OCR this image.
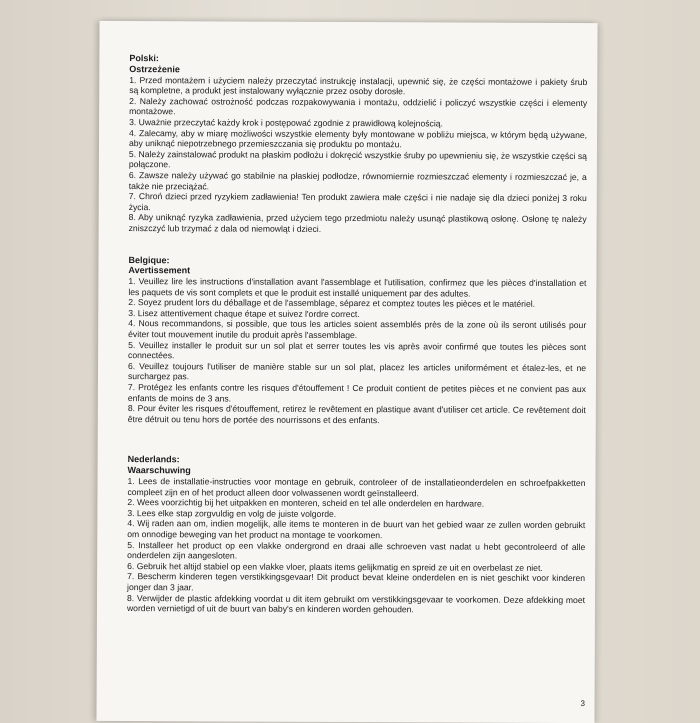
Polski:
Ostrzeżenie
1. Przed montażem i użyciem należy przeczytać instrukcję instalacji, upewnić się, że części montażowe i pakiety śrub są kompletne, a produkt jest instalowany wyłącznie przez osoby dorosłe.
2. Należy zachować ostrożność podczas rozpakowywania i montażu, oddzielić i policzyć wszystkie części i elementy montażowe.
3. Uważnie przeczytać każdy krok i postępować zgodnie z prawidłową kolejnością.
4. Zalecamy, aby w miarę możliwości wszystkie elementy były montowane w pobliżu miejsca, w którym będą używane, aby uniknąć niepotrzebnego przemieszczania się produktu po montażu.
5. Należy zainstalować produkt na płaskim podłożu i dokręcić wszystkie śruby po upewnieniu się, że wszystkie części są połączone.
6. Zawsze należy używać go stabilnie na płaskiej podłodze, równomiernie rozmieszczać elementy i rozmieszczać je, a także nie przeciążać.
7. Chroń dzieci przed ryzykiem zadławienia! Ten produkt zawiera małe części i nie nadaje się dla dzieci poniżej 3 roku życia.
8. Aby uniknąć ryzyka zadławienia, przed użyciem tego przedmiotu należy usunąć plastikową osłonę. Osłonę tę należy zniszczyć lub trzymać z dala od niemowląt i dzieci.
Belgique:
Avertissement
1. Veuillez lire les instructions d'installation avant l'assemblage et l'utilisation, confirmez que les pièces d'installation et les paquets de vis sont complets et que le produit est installé uniquement par des adultes.
2. Soyez prudent lors du déballage et de l'assemblage, séparez et comptez toutes les pièces et le matériel.
3. Lisez attentivement chaque étape et suivez l'ordre correct.
4. Nous recommandons, si possible, que tous les articles soient assemblés près de la zone où ils seront utilisés pour éviter tout mouvement inutile du produit après l'assemblage.
5. Veuillez installer le produit sur un sol plat et serrer toutes les vis après avoir confirmé que toutes les pièces sont connectées.
6. Veuillez toujours l'utiliser de manière stable sur un sol plat, placez les articles uniformément et étalez-les, et ne surchargez pas.
7. Protégez les enfants contre les risques d'étouffement ! Ce produit contient de petites pièces et ne convient pas aux enfants de moins de 3 ans.
8. Pour éviter les risques d'étouffement, retirez le revêtement en plastique avant d'utiliser cet article. Ce revêtement doit être détruit ou tenu hors de portée des nourrissons et des enfants.
Nederlands:
Waarschuwing
1. Lees de installatie-instructies voor montage en gebruik, controleer of de installatieonderdelen en schroefpakketten compleet zijn en of het product alleen door volwassenen wordt geïnstalleerd.
2. Wees voorzichtig bij het uitpakken en monteren, scheid en tel alle onderdelen en hardware.
3. Lees elke stap zorgvuldig en volg de juiste volgorde.
4. Wij raden aan om, indien mogelijk, alle items te monteren in de buurt van het gebied waar ze zullen worden gebruikt om onnodige beweging van het product na montage te voorkomen.
5. Installeer het product op een vlakke ondergrond en draai alle schroeven vast nadat u hebt gecontroleerd of alle onderdelen zijn aangesloten.
6. Gebruik het altijd stabiel op een vlakke vloer, plaats items gelijkmatig en spreid ze uit en overbelast ze niet.
7. Bescherm kinderen tegen verstikkingsgevaar! Dit product bevat kleine onderdelen en is niet geschikt voor kinderen jonger dan 3 jaar.
8. Verwijder de plastic afdekking voordat u dit item gebruikt om verstikkingsgevaar te voorkomen. Deze afdekking moet worden vernietigd of uit de buurt van baby's en kinderen worden gehouden.
3
